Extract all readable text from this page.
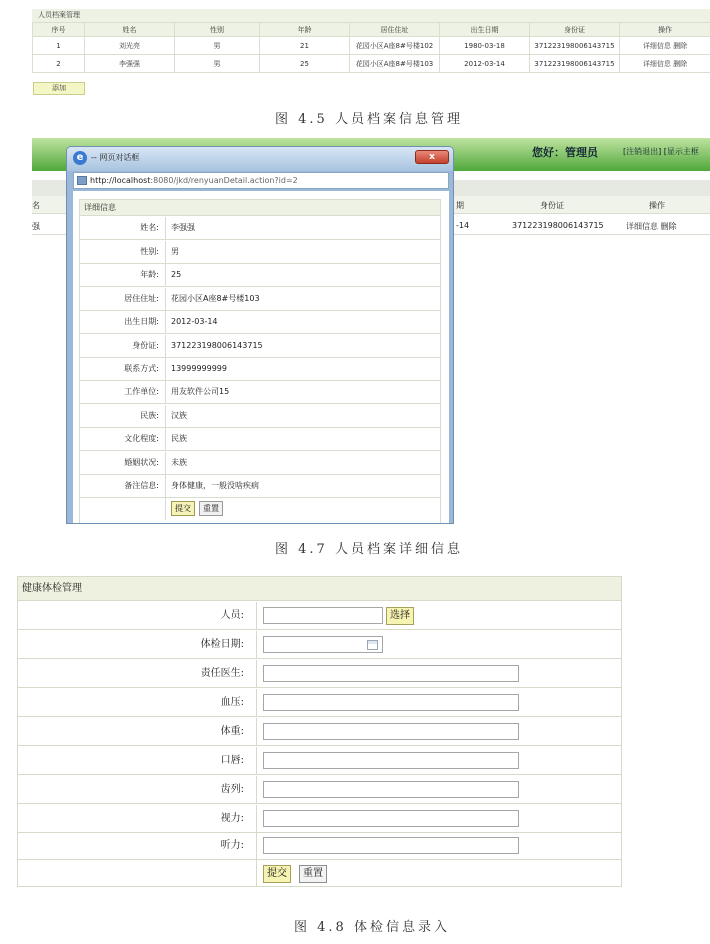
人员档案管理
序号	姓名	性别	年龄	居住住址	出生日期	身份证	操作
1	刘光亮	男	21	花园小区A座8#号楼102	1980-03-18	371223198006143715	详细信息 删除
2	李强强	男	25	花园小区A座8#号楼103	2012-03-14	371223198006143715	详细信息 删除
添加
图 4.5 人员档案信息管理
您好：管理员	[注销退出] [显示主框
名	期	身份证	操作
强	-14	371223198006143715	详细信息 删除
e -- 网页对话框	x
http://localhost:8080/jkd/renyuanDetail.action?id=2
详细信息
姓名:	李强强
性别:	男
年龄:	25
居住住址:	花园小区A座8#号楼103
出生日期:	2012-03-14
身份证:	371223198006143715
联系方式:	13999999999
工作单位:	用友软件公司15
民族:	汉族
文化程度:	民族
婚姻状况:	未族
备注信息:	身体健康，一般没啥疾病
提交	重置
图 4.7 人员档案详细信息
健康体检管理
人员:	选择
体检日期:
责任医生:
血压:
体重:
口唇:
齿列:
视力:
听力:
提交	重置
图 4.8 体检信息录入
